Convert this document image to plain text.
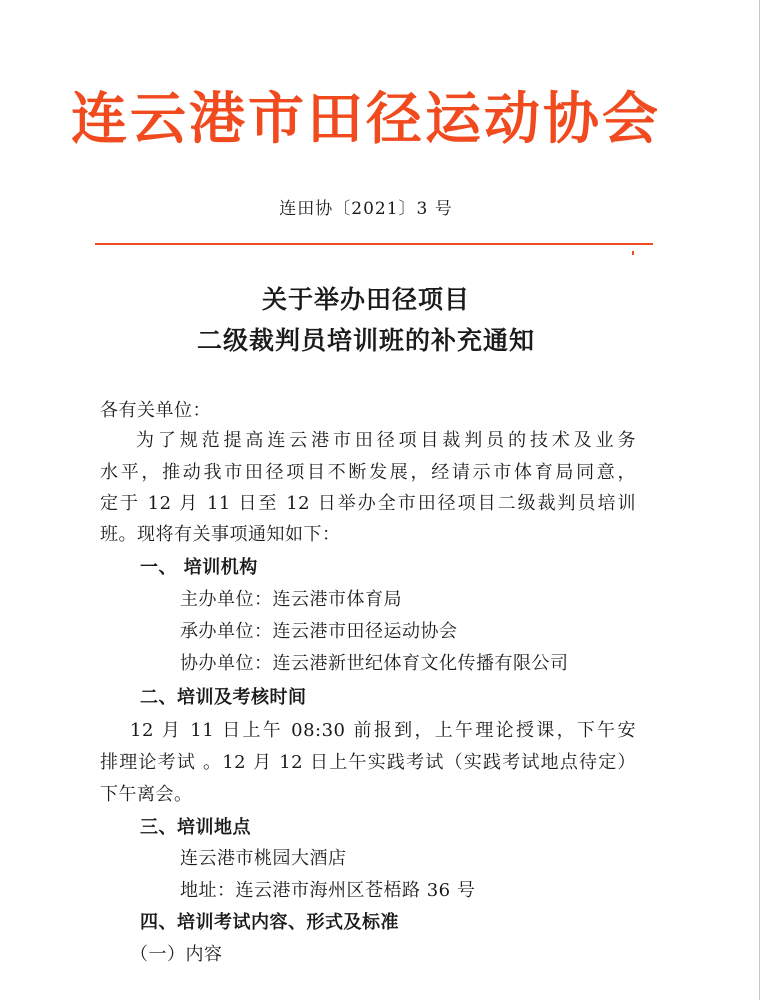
连云港市田径运动协会
连田协〔2021〕3 号
关于举办田径项目
二级裁判员培训班的补充通知
各有关单位：
为了规范提高连云港市田径项目裁判员的技术及业务
水平，推动我市田径项目不断发展，经请示市体育局同意，
定于 12 月 11 日至 12 日举办全市田径项目二级裁判员培训
班。现将有关事项通知如下：
一、 培训机构
主办单位：连云港市体育局
承办单位：连云港市田径运动协会
协办单位：连云港新世纪体育文化传播有限公司
二、培训及考核时间
12 月 11 日上午 08:30 前报到，上午理论授课，下午安
排理论考试 。12 月 12 日上午实践考试（实践考试地点待定）
下午离会。
三、培训地点
连云港市桃园大酒店
地址：连云港市海州区苍梧路 36 号
四、培训考试内容、形式及标准
（一）内容
